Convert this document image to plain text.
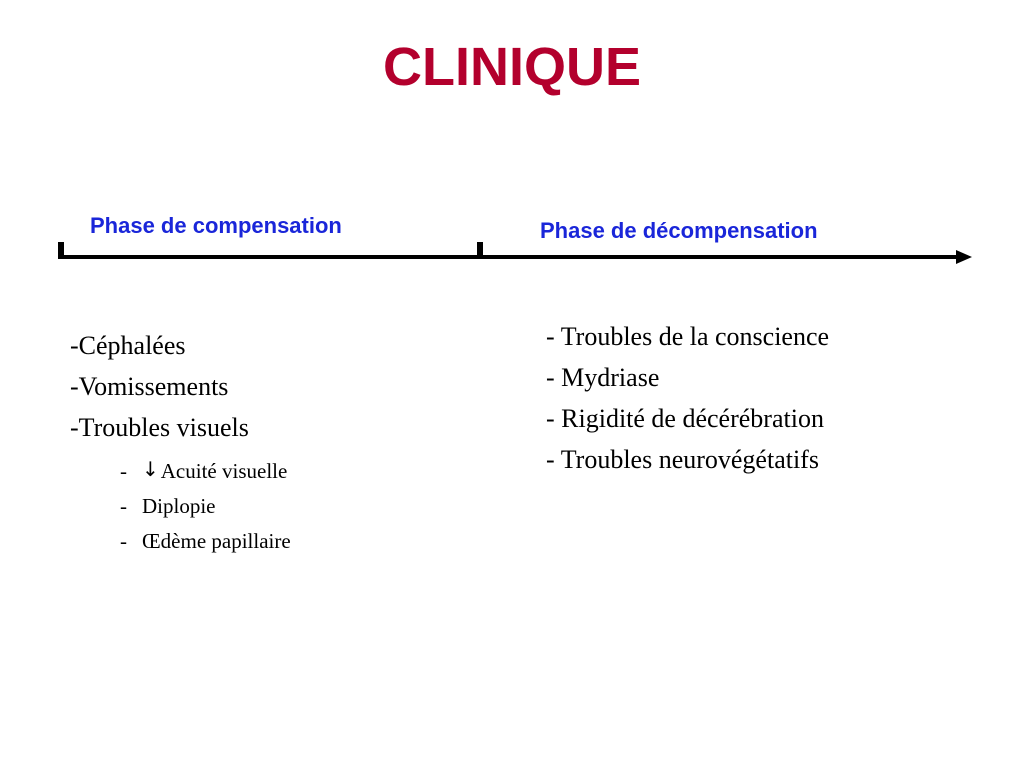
CLINIQUE
Phase de compensation	Phase de décompensation
-Céphalées
-Vomissements
-Troubles visuels
- ↓Acuité visuelle
- Diplopie
- Œdème papillaire
- Troubles de la conscience
- Mydriase
- Rigidité de décérébration
- Troubles neurovégétatifs
